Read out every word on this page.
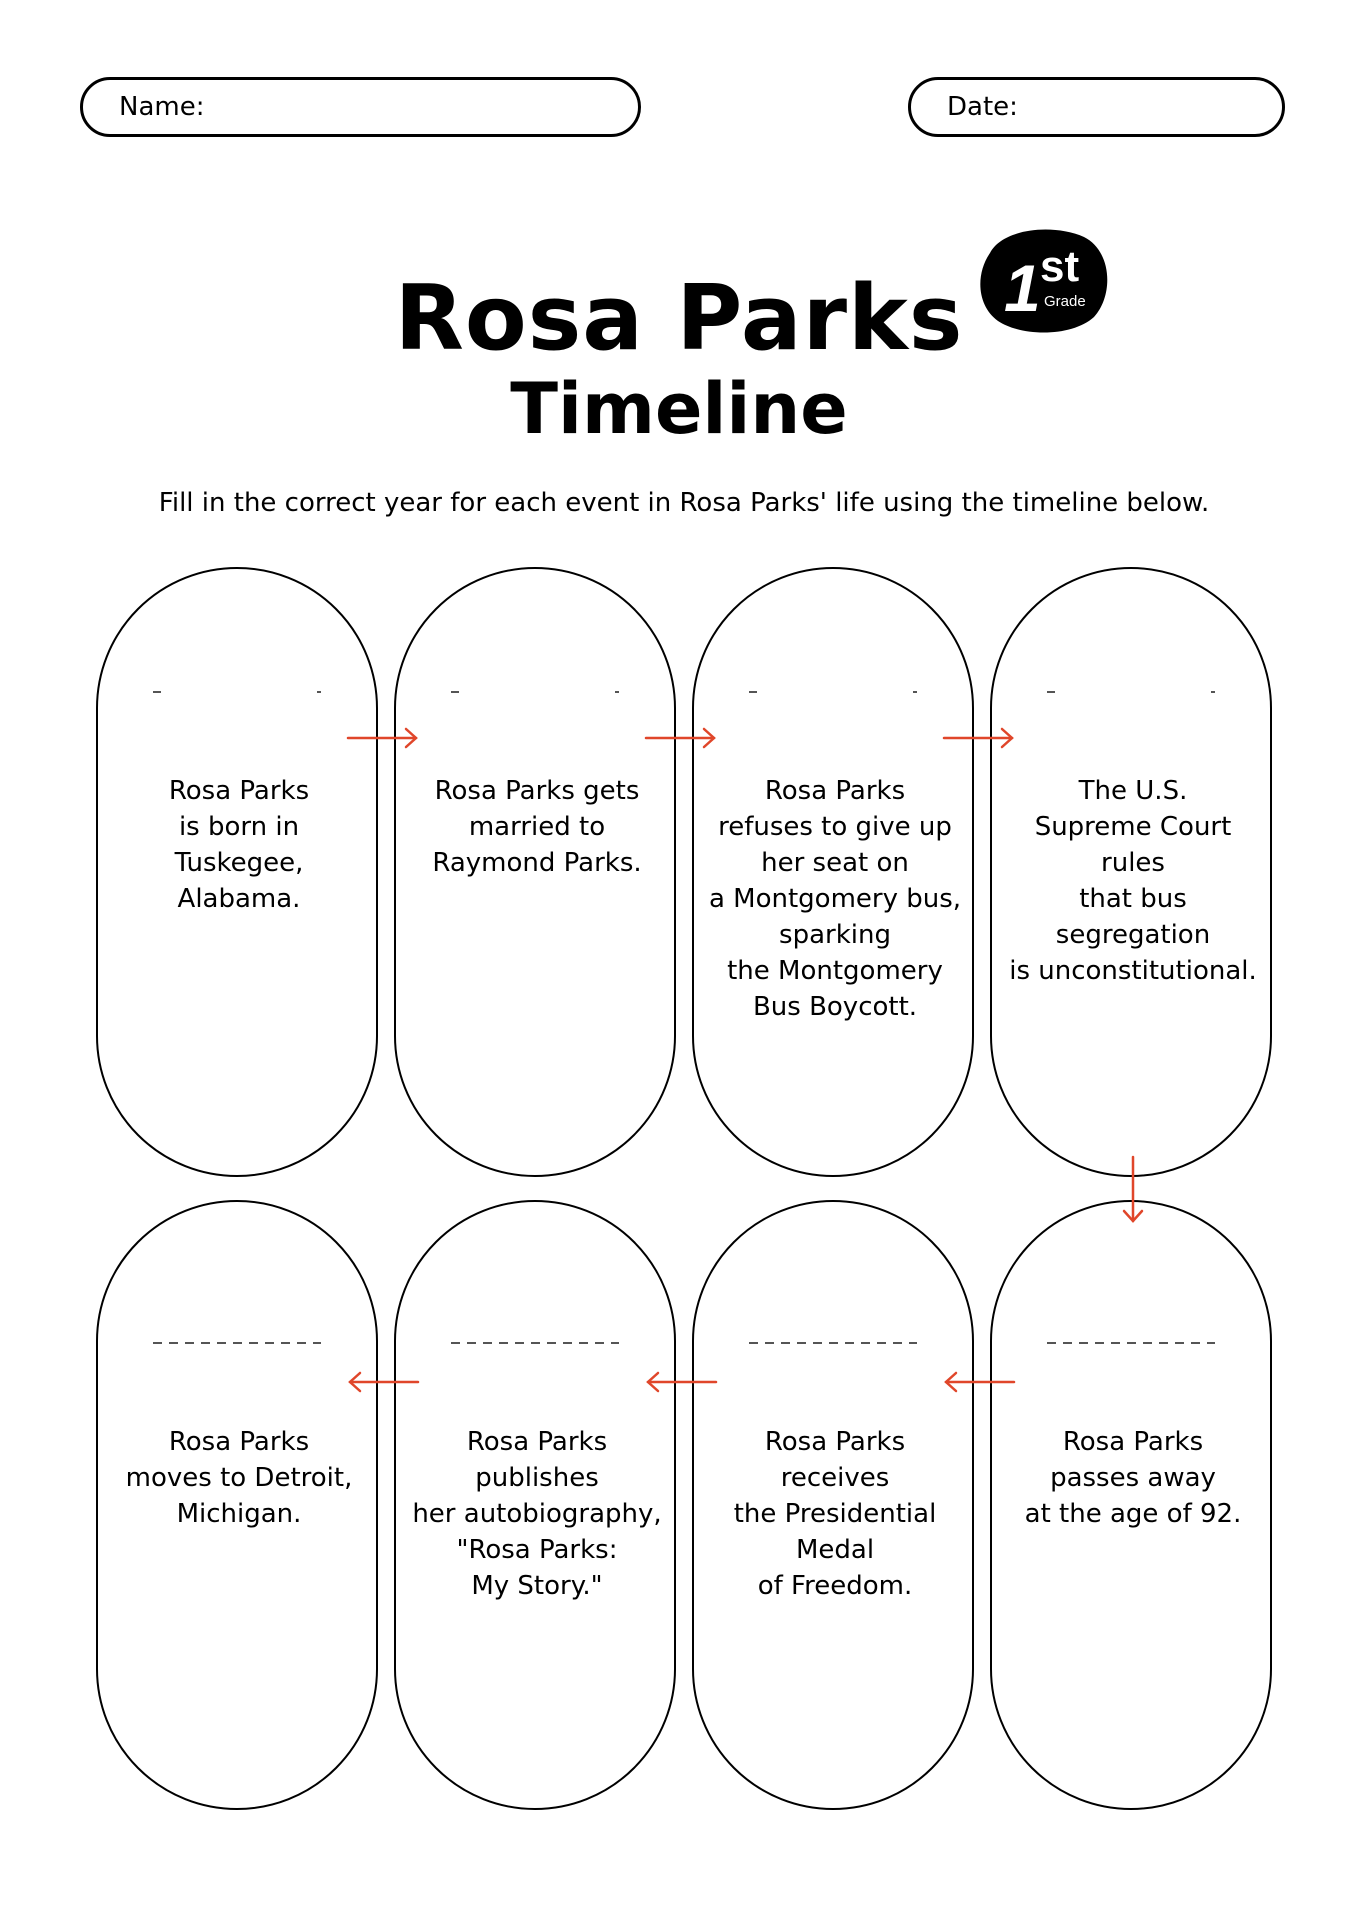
Name:	Date:
Rosa Parks 1 st
Grade
Timeline

Fill in the correct year for each event in Rosa Parks' life using the timeline below.

Rosa Parks
is born in
Tuskegee,
Alabama.

Rosa Parks gets
married to
Raymond Parks.

Rosa Parks
refuses to give up
her seat on
a Montgomery bus,
sparking
the Montgomery
Bus Boycott.

The U.S.
Supreme Court
rules
that bus
segregation
is unconstitutional.

Rosa Parks
moves to Detroit,
Michigan.

Rosa Parks
publishes
her autobiography,
"Rosa Parks:
My Story."

Rosa Parks
receives
the Presidential
Medal
of Freedom.

Rosa Parks
passes away
at the age of 92.
